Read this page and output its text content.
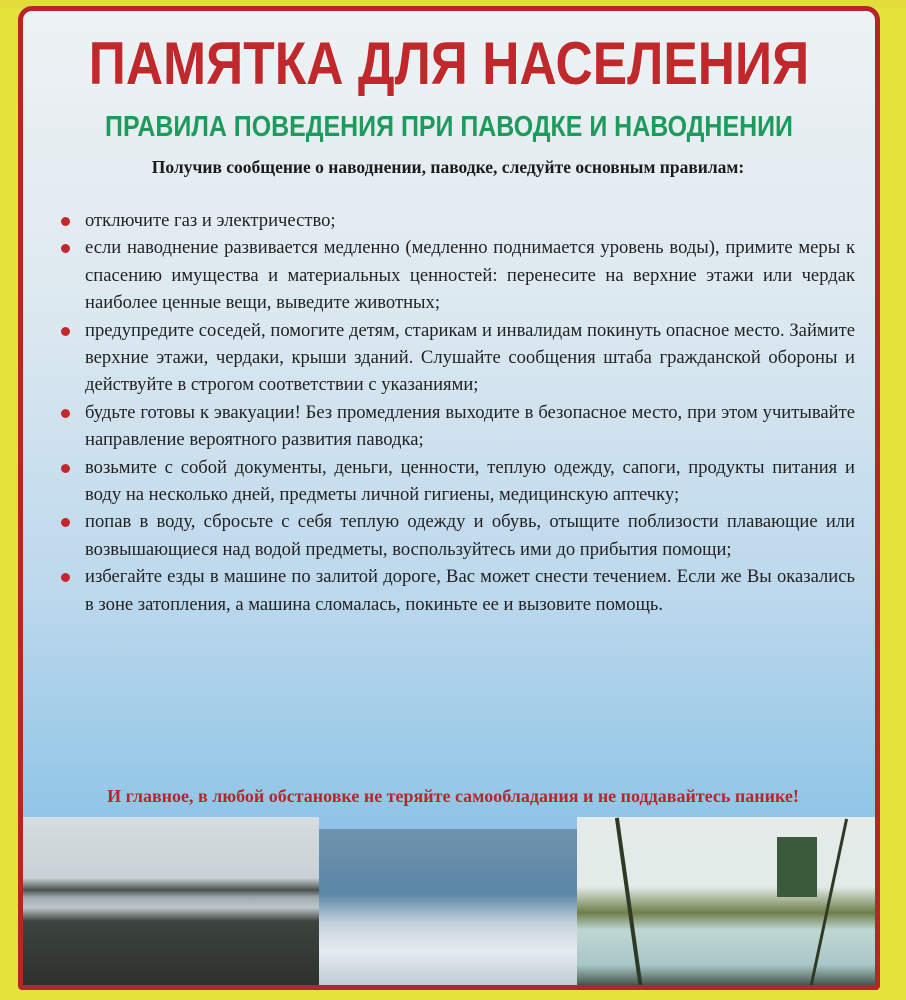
ПАМЯТКА ДЛЯ НАСЕЛЕНИЯ
ПРАВИЛА ПОВЕДЕНИЯ ПРИ ПАВОДКЕ И НАВОДНЕНИИ
Получив сообщение о наводнении, паводке, следуйте основным правилам:
отключите газ и электричество;
если наводнение развивается медленно (медленно поднимается уровень воды), примите меры к спасению имущества и материальных ценностей: перенесите на верхние этажи или чердак наиболее ценные вещи, выведите животных;
предупредите соседей, помогите детям, старикам и инвалидам покинуть опасное место. Займите верхние этажи, чердаки, крыши зданий. Слушайте сообщения штаба гражданской обороны и действуйте в строгом соответствии с указаниями;
будьте готовы к эвакуации! Без промедления выходите в безопасное место, при этом учитывайте направление вероятного развития паводка;
возьмите с собой документы, деньги, ценности, теплую одежду, сапоги, продукты питания и воду на несколько дней, предметы личной гигиены, медицинскую аптечку;
попав в воду, сбросьте с себя теплую одежду и обувь, отыщите поблизости плавающие или возвышающиеся над водой предметы, воспользуйтесь ими до прибытия помощи;
избегайте езды в машине по залитой дороге, Вас может снести течением. Если же Вы оказались в зоне затопления, а машина сломалась, покиньте ее и вызовите помощь.
И главное, в любой обстановке не теряйте самообладания и не поддавайтесь панике!
